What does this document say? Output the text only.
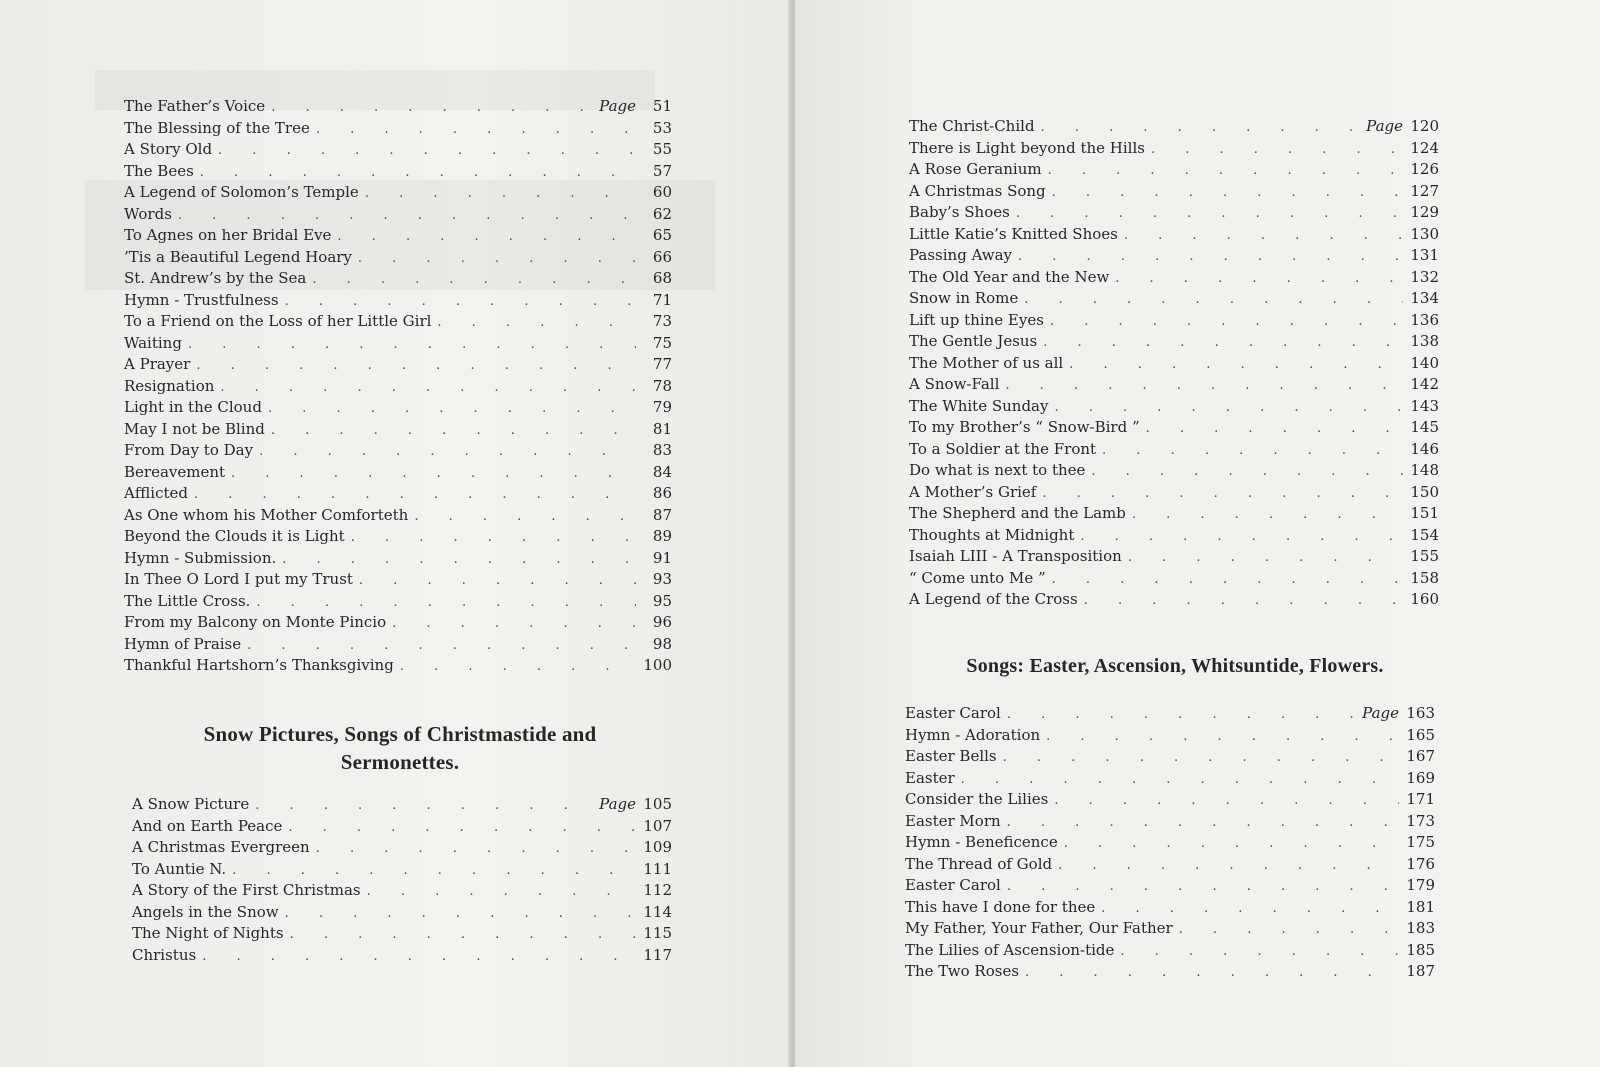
The Father’s Voice . . .	Page	51
The Blessing of the Tree . . .	53
A Story Old . . .	55
The Bees . . .	57
A Legend of Solomon’s Temple . . .	60
Words . . .	62
To Agnes on her Bridal Eve . . .	65
’Tis a Beautiful Legend Hoary . . .	66
St. Andrew’s by the Sea . . .	68
Hymn - Trustfulness . . .	71
To a Friend on the Loss of her Little Girl . . .	73
Waiting . . .	75
A Prayer . . .	77
Resignation . . .	78
Light in the Cloud . . .	79
May I not be Blind . . .	81
From Day to Day . . .	83
Bereavement . . .	84
Afflicted . . .	86
As One whom his Mother Comforteth . . .	87
Beyond the Clouds it is Light . . .	89
Hymn - Submission. . . .	91
In Thee O Lord I put my Trust . . .	93
The Little Cross. . . .	95
From my Balcony on Monte Pincio . . .	96
Hymn of Praise . . .	98
Thankful Hartshorn’s Thanksgiving . . .	100
Snow Pictures, Songs of Christmastide and
Sermonettes.
A Snow Picture . . .	Page 105
And on Earth Peace . . .	107
A Christmas Evergreen . . .	109
To Auntie N. . . .	111
A Story of the First Christmas . . .	112
Angels in the Snow . . .	114
The Night of Nights . . .	115
Christus . . .	117
The Christ-Child . . .	Page 120
There is Light beyond the Hills . . .	124
A Rose Geranium . . .	126
A Christmas Song . . .	127
Baby’s Shoes . . .	129
Little Katie’s Knitted Shoes . . .	130
Passing Away . . .	131
The Old Year and the New . . .	132
Snow in Rome . . .	134
Lift up thine Eyes . . .	136
The Gentle Jesus . . .	138
The Mother of us all . . .	140
A Snow-Fall . . .	142
The White Sunday . . .	143
To my Brother’s “ Snow-Bird ” . . .	145
To a Soldier at the Front . . .	146
Do what is next to thee . . .	148
A Mother’s Grief . . .	150
The Shepherd and the Lamb . . .	151
Thoughts at Midnight . . .	154
Isaiah LIII - A Transposition . . .	155
“ Come unto Me ” . . .	158
A Legend of the Cross . . .	160
Songs: Easter, Ascension, Whitsuntide, Flowers.
Easter Carol . . .	Page 163
Hymn - Adoration . . .	165
Easter Bells . . .	167
Easter . . .	169
Consider the Lilies . . .	171
Easter Morn . . .	173
Hymn - Beneficence . . .	175
The Thread of Gold . . .	176
Easter Carol . . .	179
This have I done for thee . . .	181
My Father, Your Father, Our Father . . .	183
The Lilies of Ascension-tide . . .	185
The Two Roses . . .	187
